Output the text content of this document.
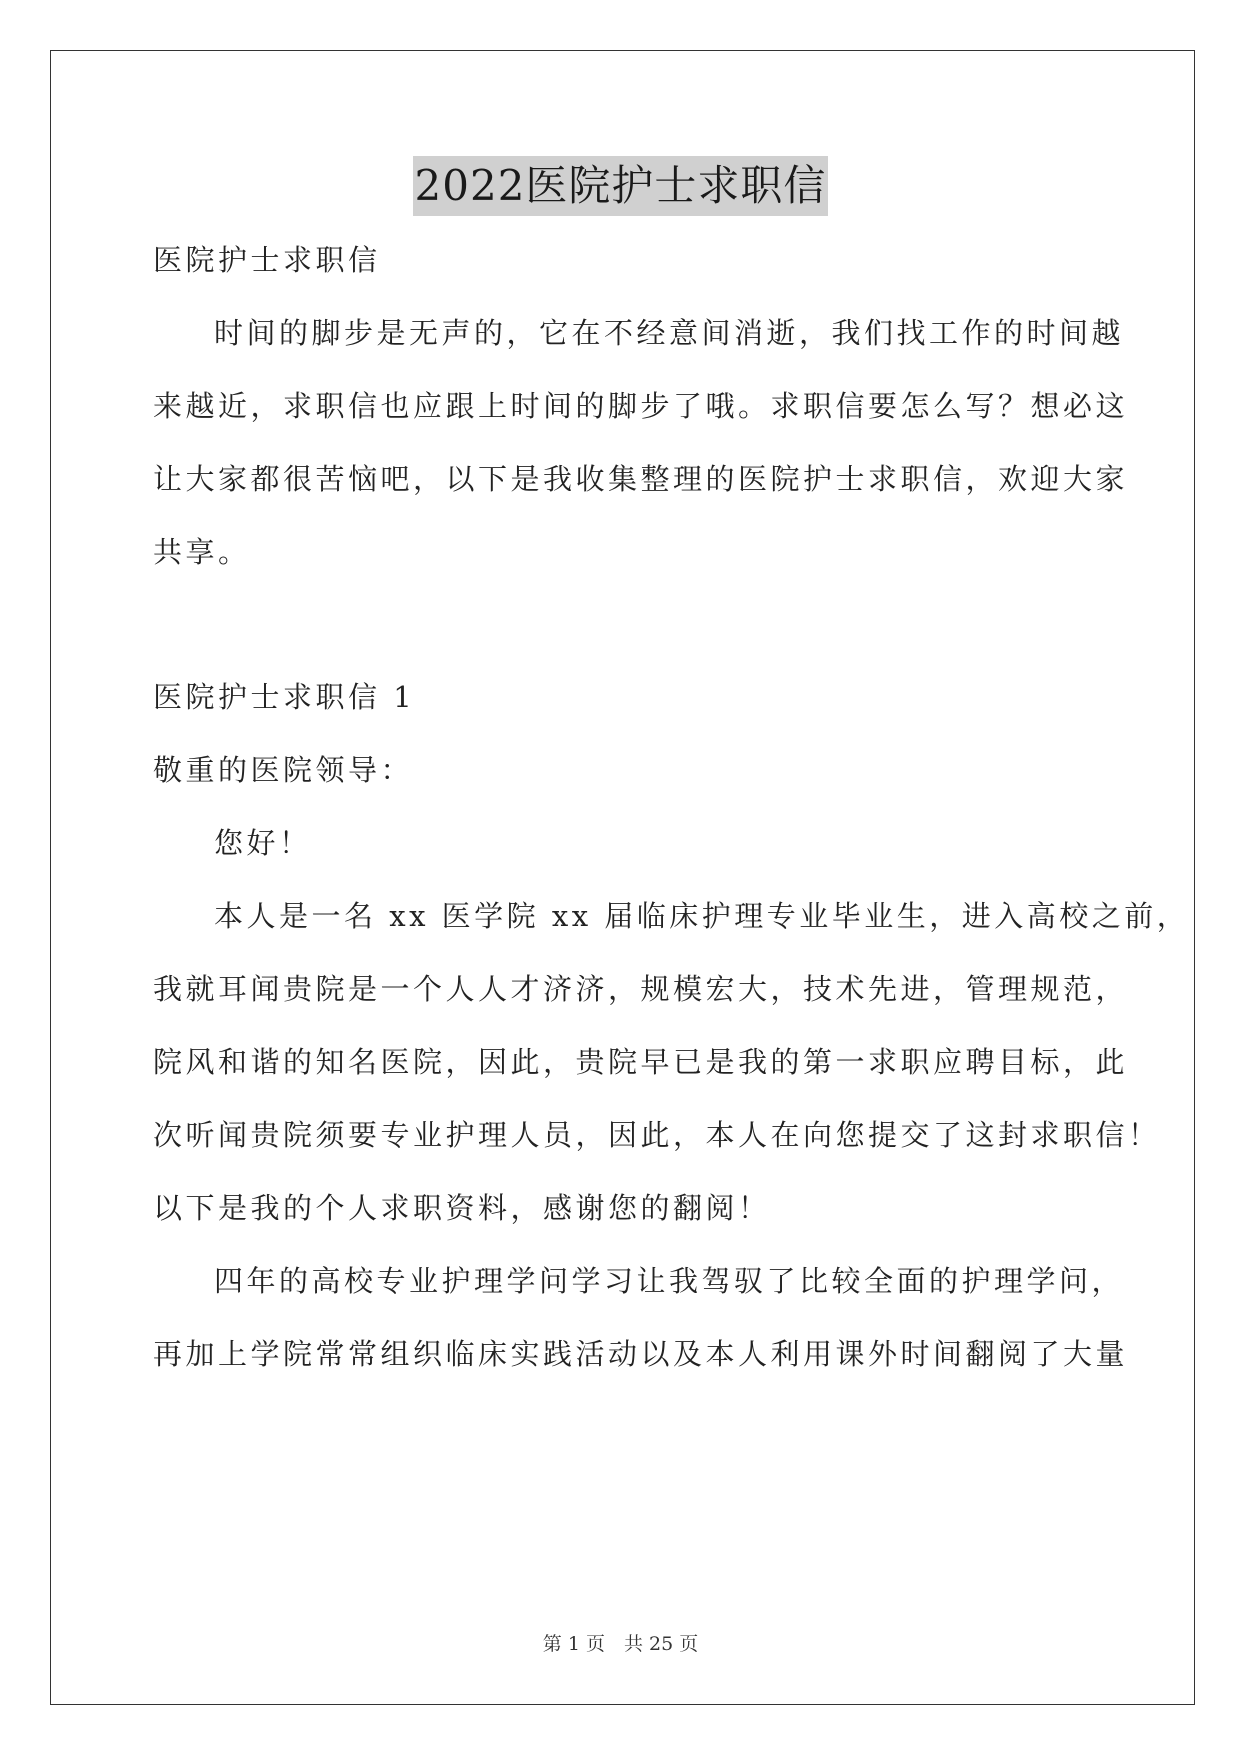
2022医院护士求职信
医院护士求职信
时间的脚步是无声的，它在不经意间消逝，我们找工作的时间越
来越近，求职信也应跟上时间的脚步了哦。求职信要怎么写？想必这
让大家都很苦恼吧，以下是我收集整理的医院护士求职信，欢迎大家
共享。
医院护士求职信 1
敬重的医院领导：
您好！
本人是一名 xx 医学院 xx 届临床护理专业毕业生，进入高校之前，
我就耳闻贵院是一个人人才济济，规模宏大，技术先进，管理规范，
院风和谐的知名医院，因此，贵院早已是我的第一求职应聘目标，此
次听闻贵院须要专业护理人员，因此，本人在向您提交了这封求职信！
以下是我的个人求职资料，感谢您的翻阅！
四年的高校专业护理学问学习让我驾驭了比较全面的护理学问，
再加上学院常常组织临床实践活动以及本人利用课外时间翻阅了大量
第 1 页　共 25 页
